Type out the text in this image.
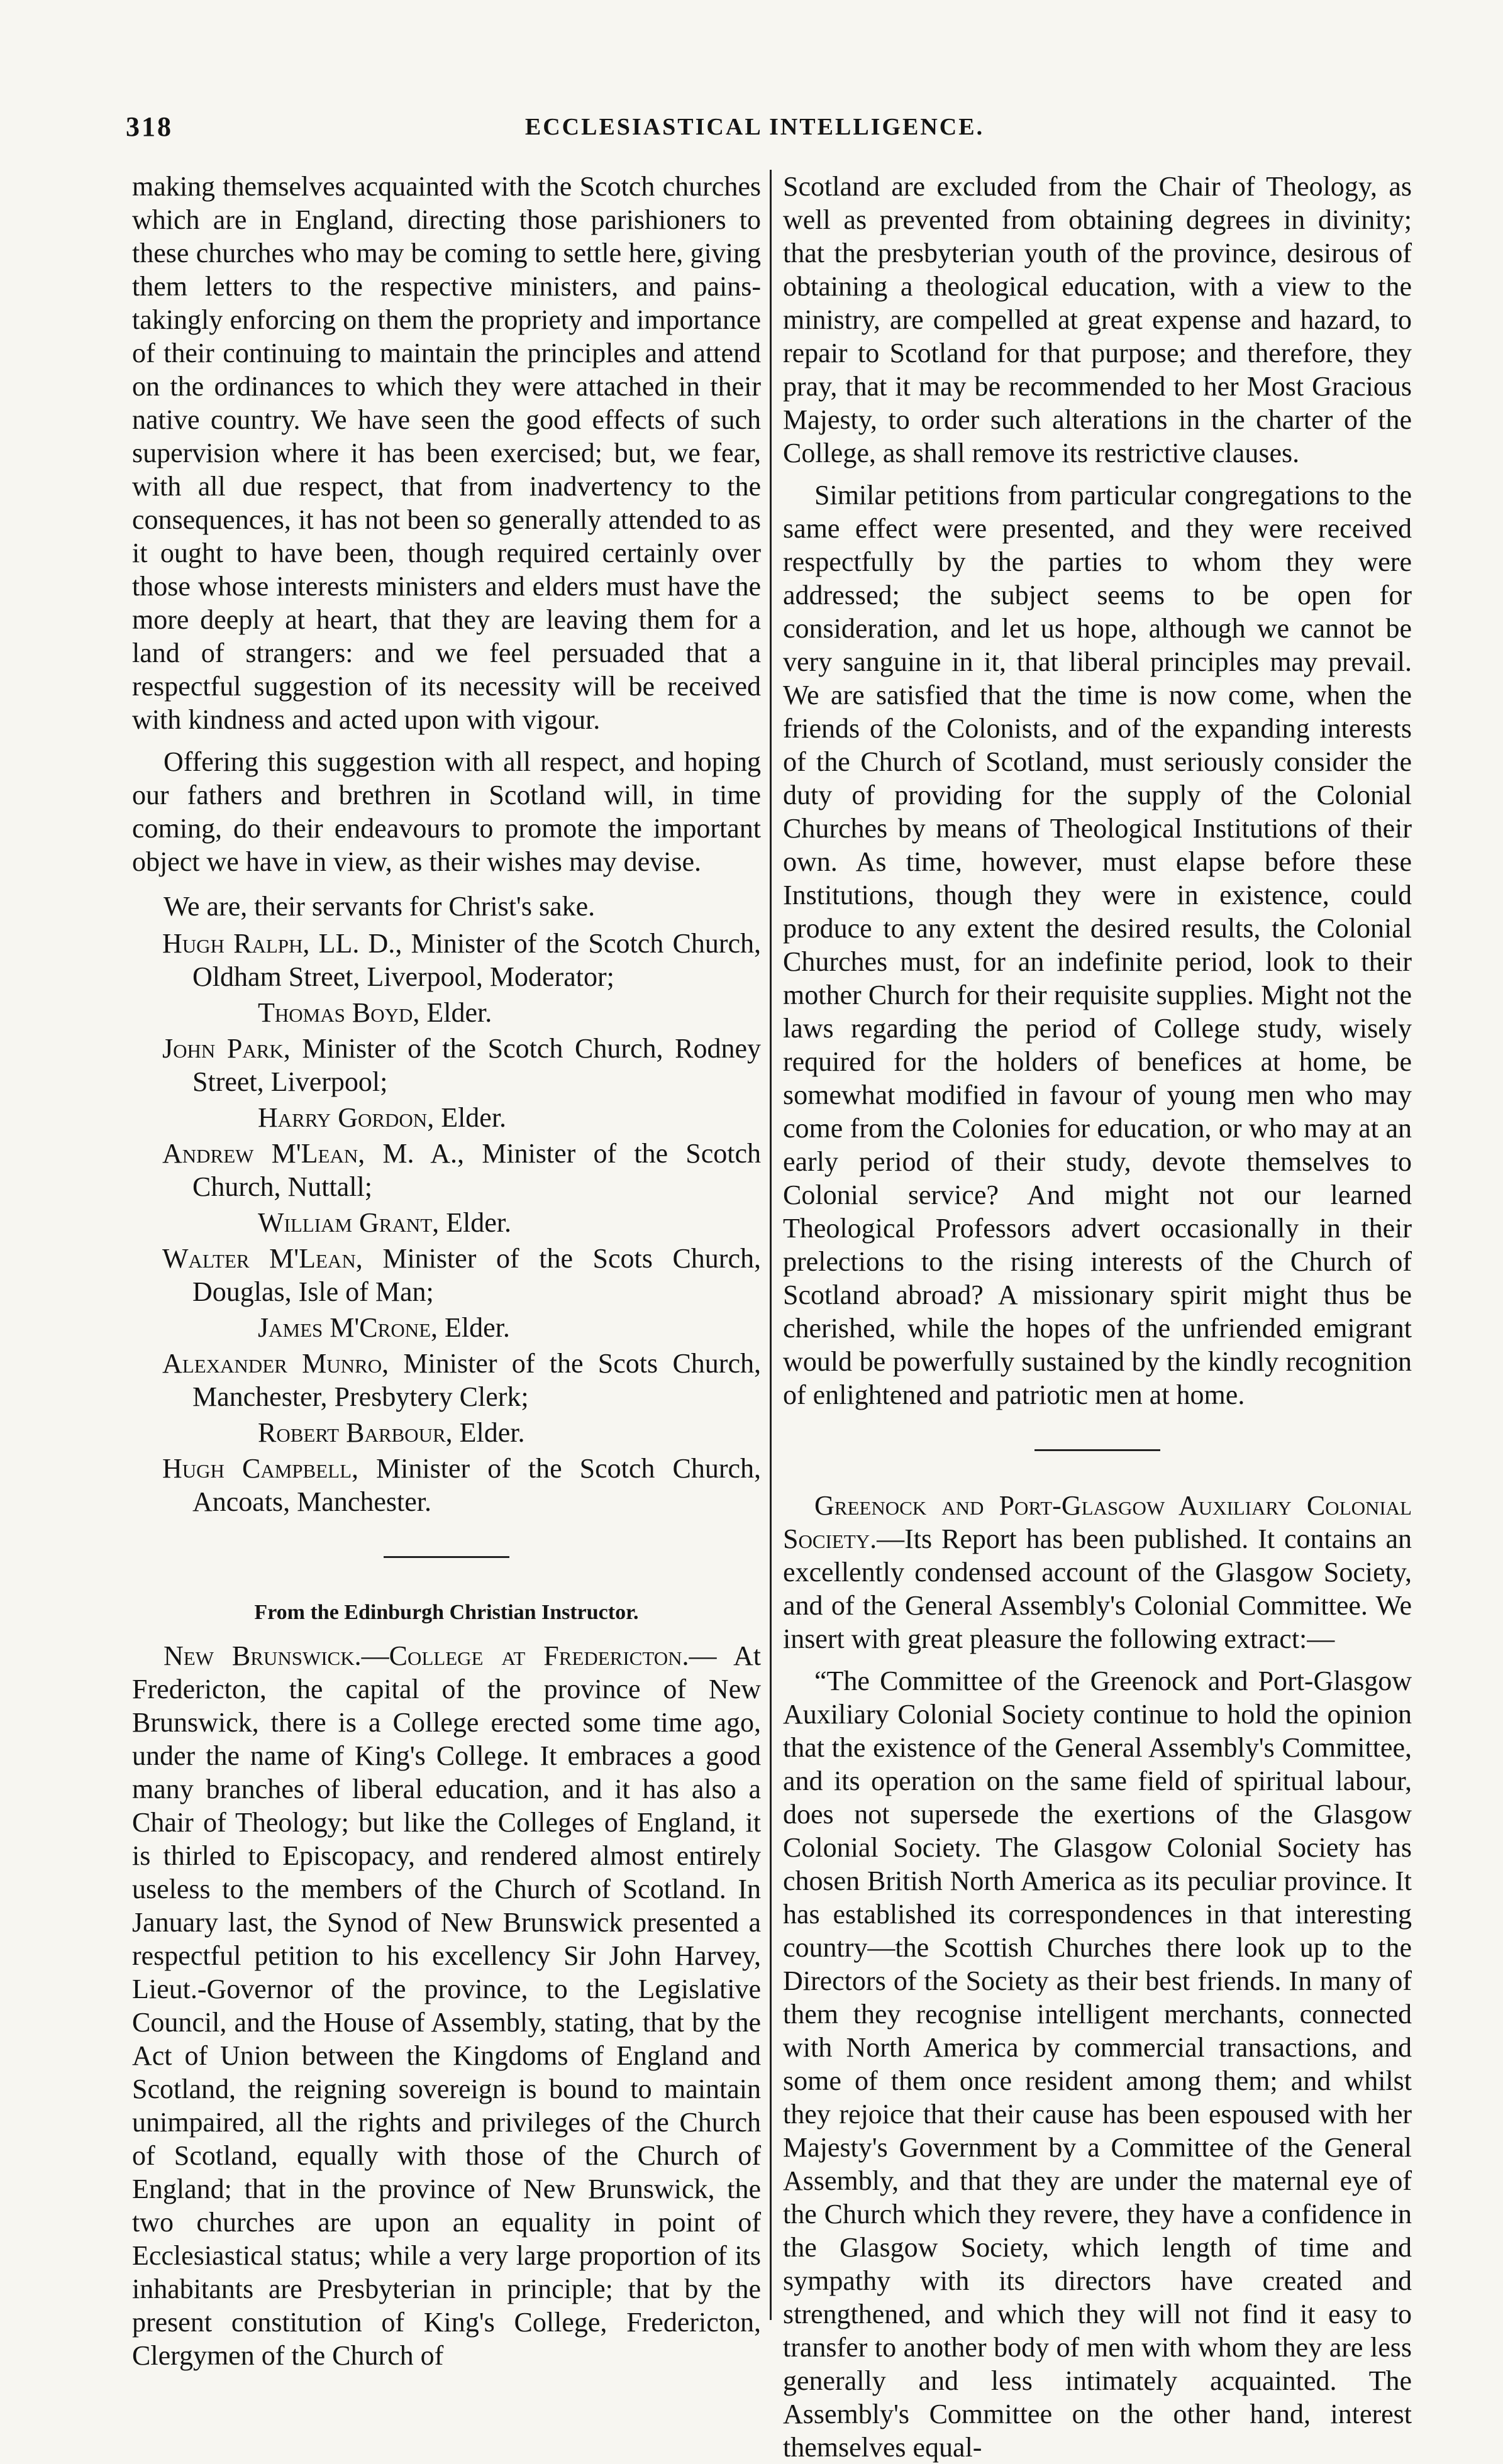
318	ECCLESIASTICAL INTELLIGENCE.

making themselves acquainted with the Scotch churches which are in England, directing those parishioners to these churches who may be coming to settle here, giving them letters to the respective ministers, and pains-takingly enforcing on them the propriety and importance of their continuing to maintain the principles and attend on the ordinances to which they were attached in their native country. We have seen the good effects of such supervision where it has been exercised; but, we fear, with all due respect, that from inadvertency to the consequences, it has not been so generally attended to as it ought to have been, though required certainly over those whose interests ministers and elders must have the more deeply at heart, that they are leaving them for a land of strangers: and we feel persuaded that a respectful suggestion of its necessity will be received with kindness and acted upon with vigour.

Offering this suggestion with all respect, and hoping our fathers and brethren in Scotland will, in time coming, do their endeavours to promote the important object we have in view, as their wishes may devise.

We are, their servants for Christ's sake.

Hugh Ralph, LL. D., Minister of the Scotch Church, Oldham Street, Liverpool, Moderator;
Thomas Boyd, Elder.
John Park, Minister of the Scotch Church, Rodney Street, Liverpool;
Harry Gordon, Elder.
Andrew M'Lean, M. A., Minister of the Scotch Church, Nuttall;
William Grant, Elder.
Walter M'Lean, Minister of the Scots Church, Douglas, Isle of Man;
James M'Crone, Elder.
Alexander Munro, Minister of the Scots Church, Manchester, Presbytery Clerk;
Robert Barbour, Elder.
Hugh Campbell, Minister of the Scotch Church, Ancoats, Manchester.
From the Edinburgh Christian Instructor.

New Brunswick.—College at Fredericton.— At Fredericton, the capital of the province of New Brunswick, there is a College erected some time ago, under the name of King's College. It embraces a good many branches of liberal education, and it has also a Chair of Theology; but like the Colleges of England, it is thirled to Episcopacy, and rendered almost entirely useless to the members of the Church of Scotland. In January last, the Synod of New Brunswick presented a respectful petition to his excellency Sir John Harvey, Lieut.-Governor of the province, to the Legislative Council, and the House of Assembly, stating, that by the Act of Union between the Kingdoms of England and Scotland, the reigning sovereign is bound to maintain unimpaired, all the rights and privileges of the Church of Scotland, equally with those of the Church of England; that in the province of New Brunswick, the two churches are upon an equality in point of Ecclesiastical status; while a very large proportion of its inhabitants are Presbyterian in principle; that by the present constitution of King's College, Fredericton, Clergymen of the Church of

Scotland are excluded from the Chair of Theology, as well as prevented from obtaining degrees in divinity; that the presbyterian youth of the province, desirous of obtaining a theological education, with a view to the ministry, are compelled at great expense and hazard, to repair to Scotland for that purpose; and therefore, they pray, that it may be recommended to her Most Gracious Majesty, to order such alterations in the charter of the College, as shall remove its restrictive clauses.

Similar petitions from particular congregations to the same effect were presented, and they were received respectfully by the parties to whom they were addressed; the subject seems to be open for consideration, and let us hope, although we cannot be very sanguine in it, that liberal principles may prevail. We are satisfied that the time is now come, when the friends of the Colonists, and of the expanding interests of the Church of Scotland, must seriously consider the duty of providing for the supply of the Colonial Churches by means of Theological Institutions of their own. As time, however, must elapse before these Institutions, though they were in existence, could produce to any extent the desired results, the Colonial Churches must, for an indefinite period, look to their mother Church for their requisite supplies. Might not the laws regarding the period of College study, wisely required for the holders of benefices at home, be somewhat modified in favour of young men who may come from the Colonies for education, or who may at an early period of their study, devote themselves to Colonial service? And might not our learned Theological Professors advert occasionally in their prelections to the rising interests of the Church of Scotland abroad? A missionary spirit might thus be cherished, while the hopes of the unfriended emigrant would be powerfully sustained by the kindly recognition of enlightened and patriotic men at home.

Greenock and Port-Glasgow Auxiliary Colonial Society.—Its Report has been published. It contains an excellently condensed account of the Glasgow Society, and of the General Assembly's Colonial Committee. We insert with great pleasure the following extract:—

“The Committee of the Greenock and Port-Glasgow Auxiliary Colonial Society continue to hold the opinion that the existence of the General Assembly's Committee, and its operation on the same field of spiritual labour, does not supersede the exertions of the Glasgow Colonial Society. The Glasgow Colonial Society has chosen British North America as its peculiar province. It has established its correspondences in that interesting country—the Scottish Churches there look up to the Directors of the Society as their best friends. In many of them they recognise intelligent merchants, connected with North America by commercial transactions, and some of them once resident among them; and whilst they rejoice that their cause has been espoused with her Majesty's Government by a Committee of the General Assembly, and that they are under the maternal eye of the Church which they revere, they have a confidence in the Glasgow Society, which length of time and sympathy with its directors have created and strengthened, and which they will not find it easy to transfer to another body of men with whom they are less generally and less intimately acquainted. The Assembly's Committee on the other hand, interest themselves equal-
